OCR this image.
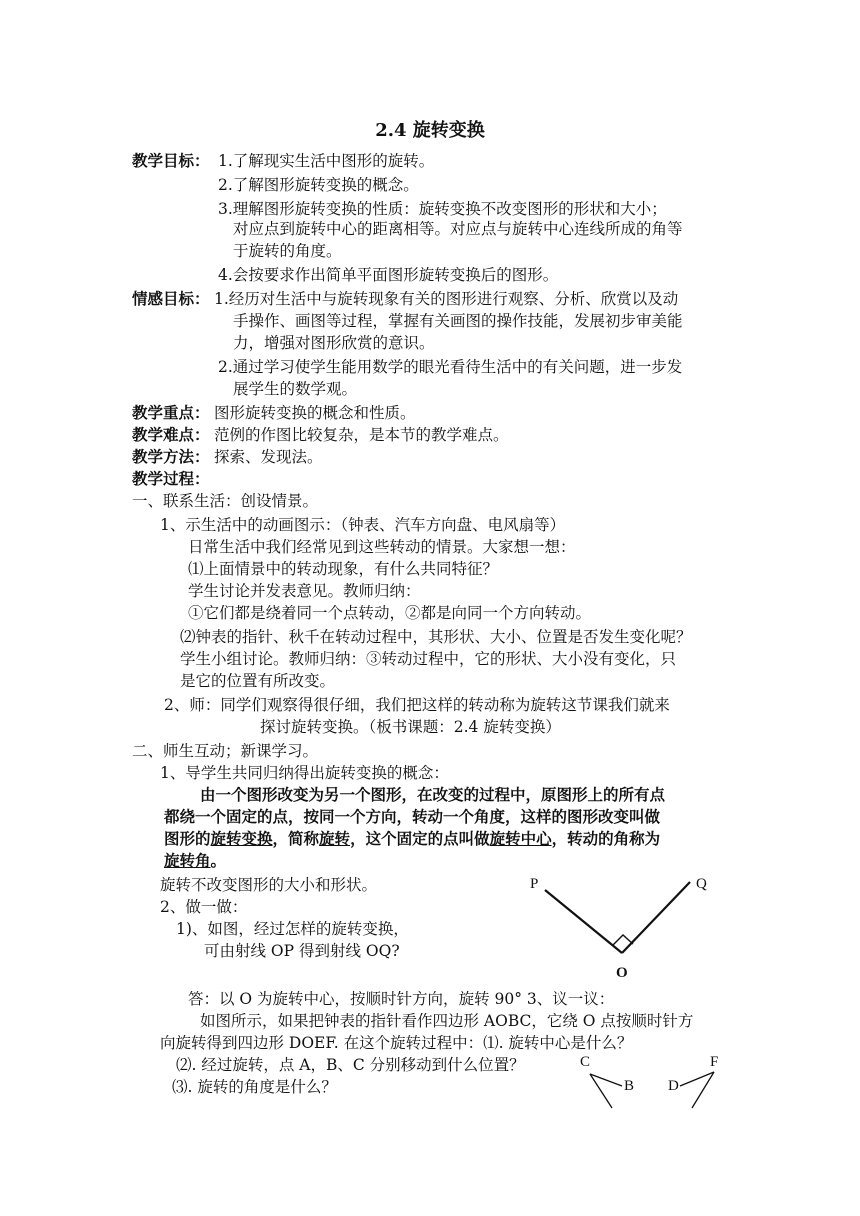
2.4 旋转变换
教学目标： 1.了解现实生活中图形的旋转。
2.了解图形旋转变换的概念。
3.理解图形旋转变换的性质：旋转变换不改变图形的形状和大小；
对应点到旋转中心的距离相等。对应点与旋转中心连线所成的角等
于旋转的角度。
4.会按要求作出简单平面图形旋转变换后的图形。
情感目标： 1.经历对生活中与旋转现象有关的图形进行观察、分析、欣赏以及动
手操作、画图等过程，掌握有关画图的操作技能，发展初步审美能
力，增强对图形欣赏的意识。
2.通过学习使学生能用数学的眼光看待生活中的有关问题，进一步发
展学生的数学观。
教学重点： 图形旋转变换的概念和性质。
教学难点： 范例的作图比较复杂，是本节的教学难点。
教学方法： 探索、发现法。
教学过程：
一、联系生活：创设情景。
1、示生活中的动画图示：（钟表、汽车方向盘、电风扇等）
日常生活中我们经常见到这些转动的情景。大家想一想：
⑴上面情景中的转动现象，有什么共同特征？
学生讨论并发表意见。教师归纳：
①它们都是绕着同一个点转动，②都是向同一个方向转动。
⑵钟表的指针、秋千在转动过程中，其形状、大小、位置是否发生变化呢？
学生小组讨论。教师归纳：③转动过程中，它的形状、大小没有变化，只
是它的位置有所改变。
2、师：同学们观察得很仔细，我们把这样的转动称为旋转这节课我们就来
探讨旋转变换。（板书课题：2.4 旋转变换）
二、师生互动；新课学习。
1、导学生共同归纳得出旋转变换的概念：
由一个图形改变为另一个图形，在改变的过程中，原图形上的所有点
都绕一个固定的点，按同一个方向，转动一个角度，这样的图形改变叫做
图形的旋转变换，简称旋转，这个固定的点叫做旋转中心，转动的角称为
旋转角。
旋转不改变图形的大小和形状。
2、做一做：
1)、如图，经过怎样的旋转变换，
可由射线 OP 得到射线 OQ?
P	Q
O
答：以 O 为旋转中心，按顺时针方向，旋转 90° 3、议一议：
如图所示，如果把钟表的指针看作四边形 AOBC，它绕 O 点按顺时针方
向旋转得到四边形 DOEF. 在这个旋转过程中：⑴. 旋转中心是什么？
⑵. 经过旋转，点 A，B、C 分别移动到什么位置？
⑶. 旋转的角度是什么？
C
B D
F
